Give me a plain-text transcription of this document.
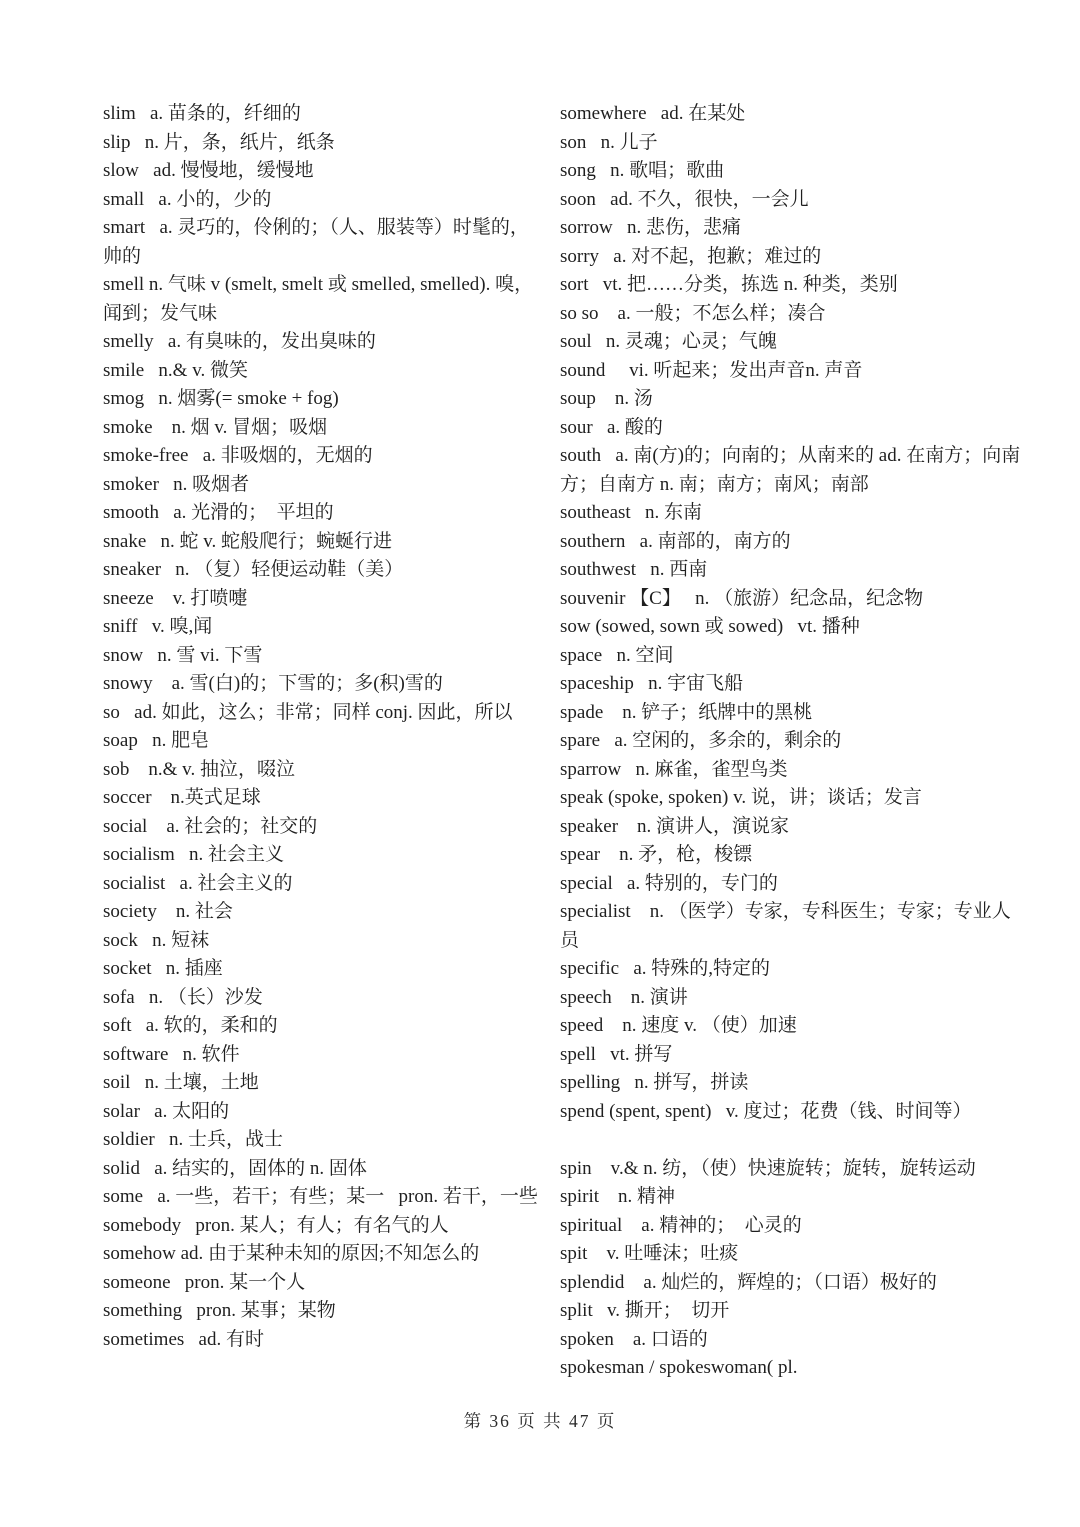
slim   a. 苗条的，纤细的

slip   n. 片，条，纸片，纸条

slow   ad. 慢慢地，缓慢地

small   a. 小的，少的

smart   a. 灵巧的，伶俐的；（人、服装等）时髦的，帅的

smell n. 气味 v (smelt, smelt 或 smelled, smelled). 嗅，闻到；发气味

smelly   a. 有臭味的，发出臭味的

smile   n.& v. 微笑

smog   n. 烟雾(= smoke + fog)

smoke    n. 烟 v. 冒烟；吸烟

smoke-free   a. 非吸烟的，无烟的

smoker   n. 吸烟者

smooth   a. 光滑的；  平坦的

snake   n. 蛇 v. 蛇般爬行；蜿蜒行进

sneaker   n. （复）轻便运动鞋（美）

sneeze    v. 打喷嚏

sniff   v. 嗅,闻

snow   n. 雪 vi. 下雪

snowy    a. 雪(白)的；下雪的；多(积)雪的

so   ad. 如此，这么；非常；同样 conj. 因此，所以

soap   n. 肥皂

sob    n.& v. 抽泣，啜泣

soccer    n.英式足球

social    a. 社会的；社交的

socialism   n. 社会主义

socialist   a. 社会主义的

society    n. 社会

sock   n. 短袜

socket   n. 插座

sofa   n. （长）沙发

soft   a. 软的，柔和的

software   n. 软件

soil   n. 土壤，土地

solar   a. 太阳的

soldier   n. 士兵，战士

solid   a. 结实的，固体的 n. 固体

some   a. 一些，若干；有些；某一   pron. 若干，一些

somebody   pron. 某人；有人；有名气的人

somehow ad. 由于某种未知的原因;不知怎么的

someone   pron. 某一个人

something   pron. 某事；某物

sometimes   ad. 有时

somewhere   ad. 在某处

son   n. 儿子

song   n. 歌唱；歌曲

soon   ad. 不久，很快，一会儿

sorrow   n. 悲伤，悲痛

sorry   a. 对不起，抱歉；难过的

sort   vt. 把……分类，拣选 n. 种类，类别

so so    a. 一般；不怎么样；凑合

soul   n. 灵魂；心灵；气魄

sound     vi. 听起来；发出声音n. 声音

soup    n. 汤

sour   a. 酸的

south   a. 南(方)的；向南的；从南来的 ad. 在南方；向南方；自南方 n. 南；南方；南风；南部

southeast   n. 东南

southern   a. 南部的，南方的

southwest   n. 西南

souvenir 【C】   n. （旅游）纪念品，纪念物

sow (sowed, sown 或 sowed)   vt. 播种

space   n. 空间

spaceship   n. 宇宙飞船

spade    n. 铲子；纸牌中的黑桃

spare   a. 空闲的，多余的，剩余的

sparrow   n. 麻雀，雀型鸟类

speak (spoke, spoken) v. 说，讲；谈话；发言

speaker    n. 演讲人，演说家

spear    n. 矛，枪，梭镖

special   a. 特别的，专门的

specialist    n. （医学）专家，专科医生；专家；专业人员

specific   a. 特殊的,特定的

speech    n. 演讲

speed    n. 速度 v. （使）加速

spell   vt. 拼写

spelling   n. 拼写，拼读

spend (spent, spent)   v. 度过；花费（钱、时间等）

spin    v.& n. 纺，（使）快速旋转；旋转，旋转运动

spirit    n. 精神

spiritual    a. 精神的；  心灵的

spit    v. 吐唾沫；吐痰

splendid    a. 灿烂的，辉煌的；（口语）极好的

split   v. 撕开；  切开

spoken    a. 口语的

spokesman / spokeswoman( pl.

第 36 页 共 47 页
